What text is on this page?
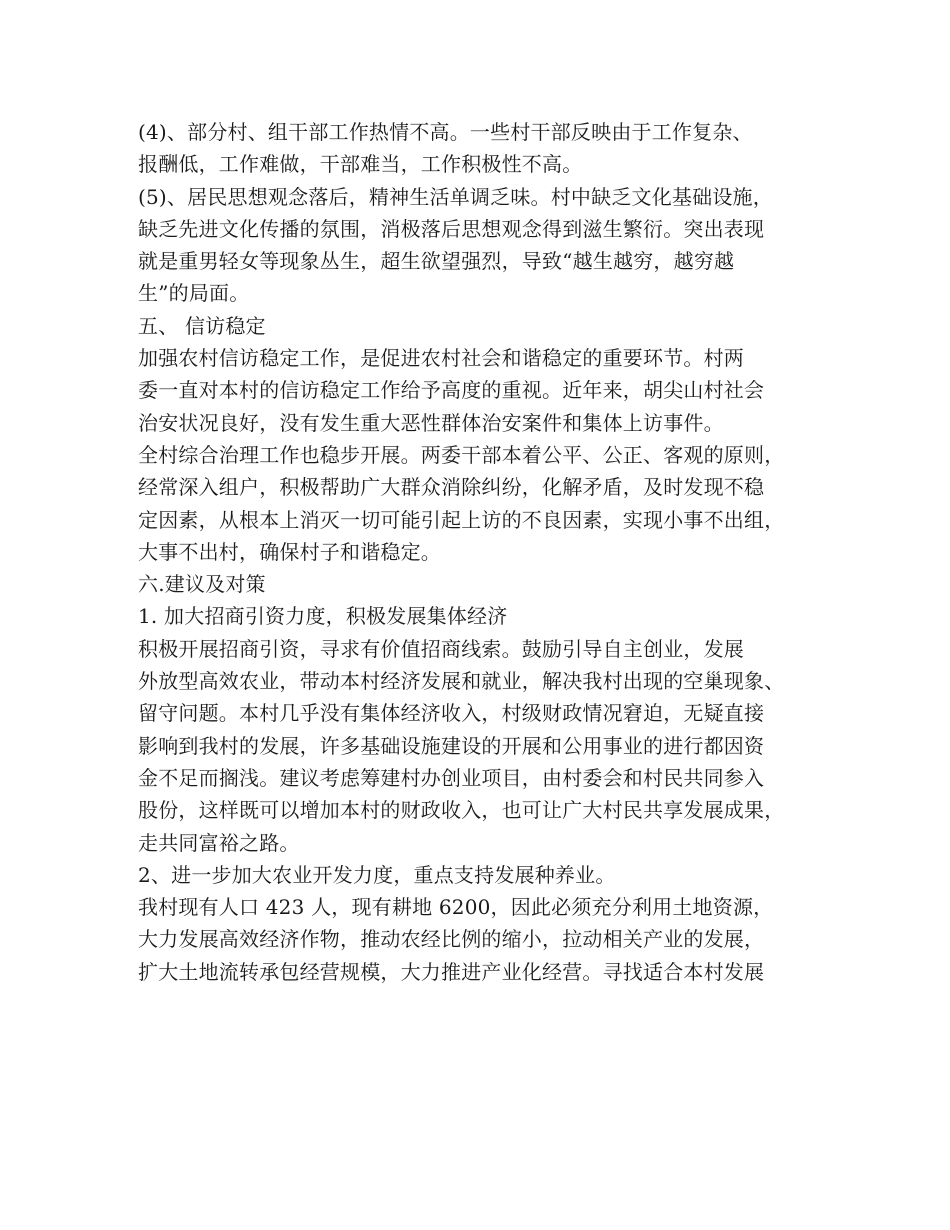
(4)、部分村、组干部工作热情不高。一些村干部反映由于工作复杂、
报酬低，工作难做，干部难当，工作积极性不高。
(5)、居民思想观念落后，精神生活单调乏味。村中缺乏文化基础设施，
缺乏先进文化传播的氛围，消极落后思想观念得到滋生繁衍。突出表现
就是重男轻女等现象丛生，超生欲望强烈，导致“越生越穷，越穷越
生”的局面。
五、 信访稳定
加强农村信访稳定工作，是促进农村社会和谐稳定的重要环节。村两
委一直对本村的信访稳定工作给予高度的重视。近年来，胡尖山村社会
治安状况良好，没有发生重大恶性群体治安案件和集体上访事件。
全村综合治理工作也稳步开展。两委干部本着公平、公正、客观的原则，
经常深入组户，积极帮助广大群众消除纠纷，化解矛盾，及时发现不稳
定因素，从根本上消灭一切可能引起上访的不良因素，实现小事不出组，
大事不出村，确保村子和谐稳定。
六.建议及对策
1. 加大招商引资力度，积极发展集体经济
积极开展招商引资，寻求有价值招商线索。鼓励引导自主创业，发展
外放型高效农业，带动本村经济发展和就业，解决我村出现的空巢现象、
留守问题。本村几乎没有集体经济收入，村级财政情况窘迫，无疑直接
影响到我村的发展，许多基础设施建设的开展和公用事业的进行都因资
金不足而搁浅。建议考虑筹建村办创业项目，由村委会和村民共同参入
股份，这样既可以增加本村的财政收入，也可让广大村民共享发展成果，
走共同富裕之路。
2、进一步加大农业开发力度，重点支持发展种养业。
我村现有人口 423 人，现有耕地 6200，因此必须充分利用土地资源，
大力发展高效经济作物，推动农经比例的缩小，拉动相关产业的发展，
扩大土地流转承包经营规模，大力推进产业化经营。寻找适合本村发展
